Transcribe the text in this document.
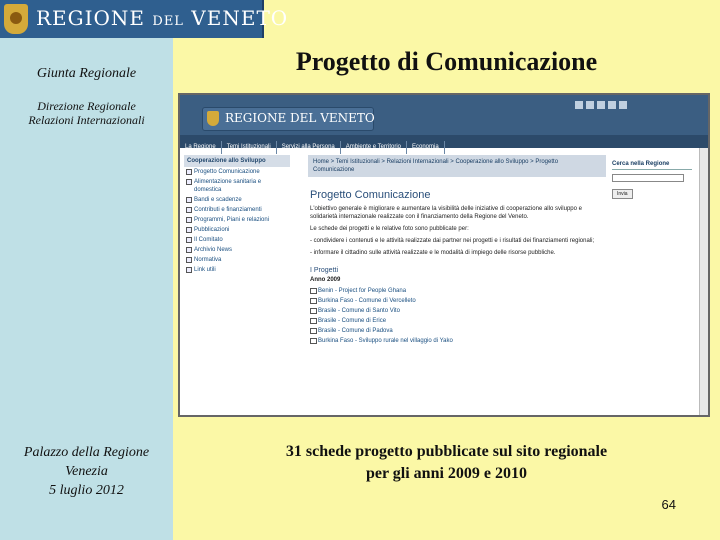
REGIONE DEL VENETO
Giunta Regionale
Direzione Regionale
Relazioni Internazionali
Palazzo della Regione
Venezia
5 luglio 2012
Progetto di Comunicazione
REGIONE DEL VENETO
La Regione Temi Istituzionali Servizi alla Persona Ambiente e Territorio Economia
Cooperazione allo Sviluppo
Progetto Comunicazione
Alimentazione sanitaria e domestica
Bandi e scadenze
Contributi e finanziamenti
Programmi, Piani e relazioni
Pubblicazioni
Il Comitato
Archivio News
Normativa
Link utili
Home > Temi Istituzionali > Relazioni Internazionali > Cooperazione allo Sviluppo > Progetto Comunicazione
Progetto Comunicazione
L'obiettivo generale è migliorare e aumentare la visibilità delle iniziative di cooperazione allo sviluppo e solidarietà internazionale realizzate con il finanziamento della Regione del Veneto.
Le schede dei progetti e le relative foto sono pubblicate per:
- condividere i contenuti e le attività realizzate dai partner nei progetti e i risultati dei finanziamenti regionali;
- informare il cittadino sulle attività realizzate e le modalità di impiego delle risorse pubbliche.
I Progetti
Anno 2009
Benin - Project for People Ghana
Burkina Faso - Comune di Vercelleto
Brasile - Comune di Santo Vito
Brasile - Comune di Erice
Brasile - Comune di Padova
Burkina Faso - Sviluppo rurale nel villaggio di Yako
Cerca nella Regione
Invia
31 schede progetto pubblicate sul sito regionale
per gli anni 2009 e 2010
64
